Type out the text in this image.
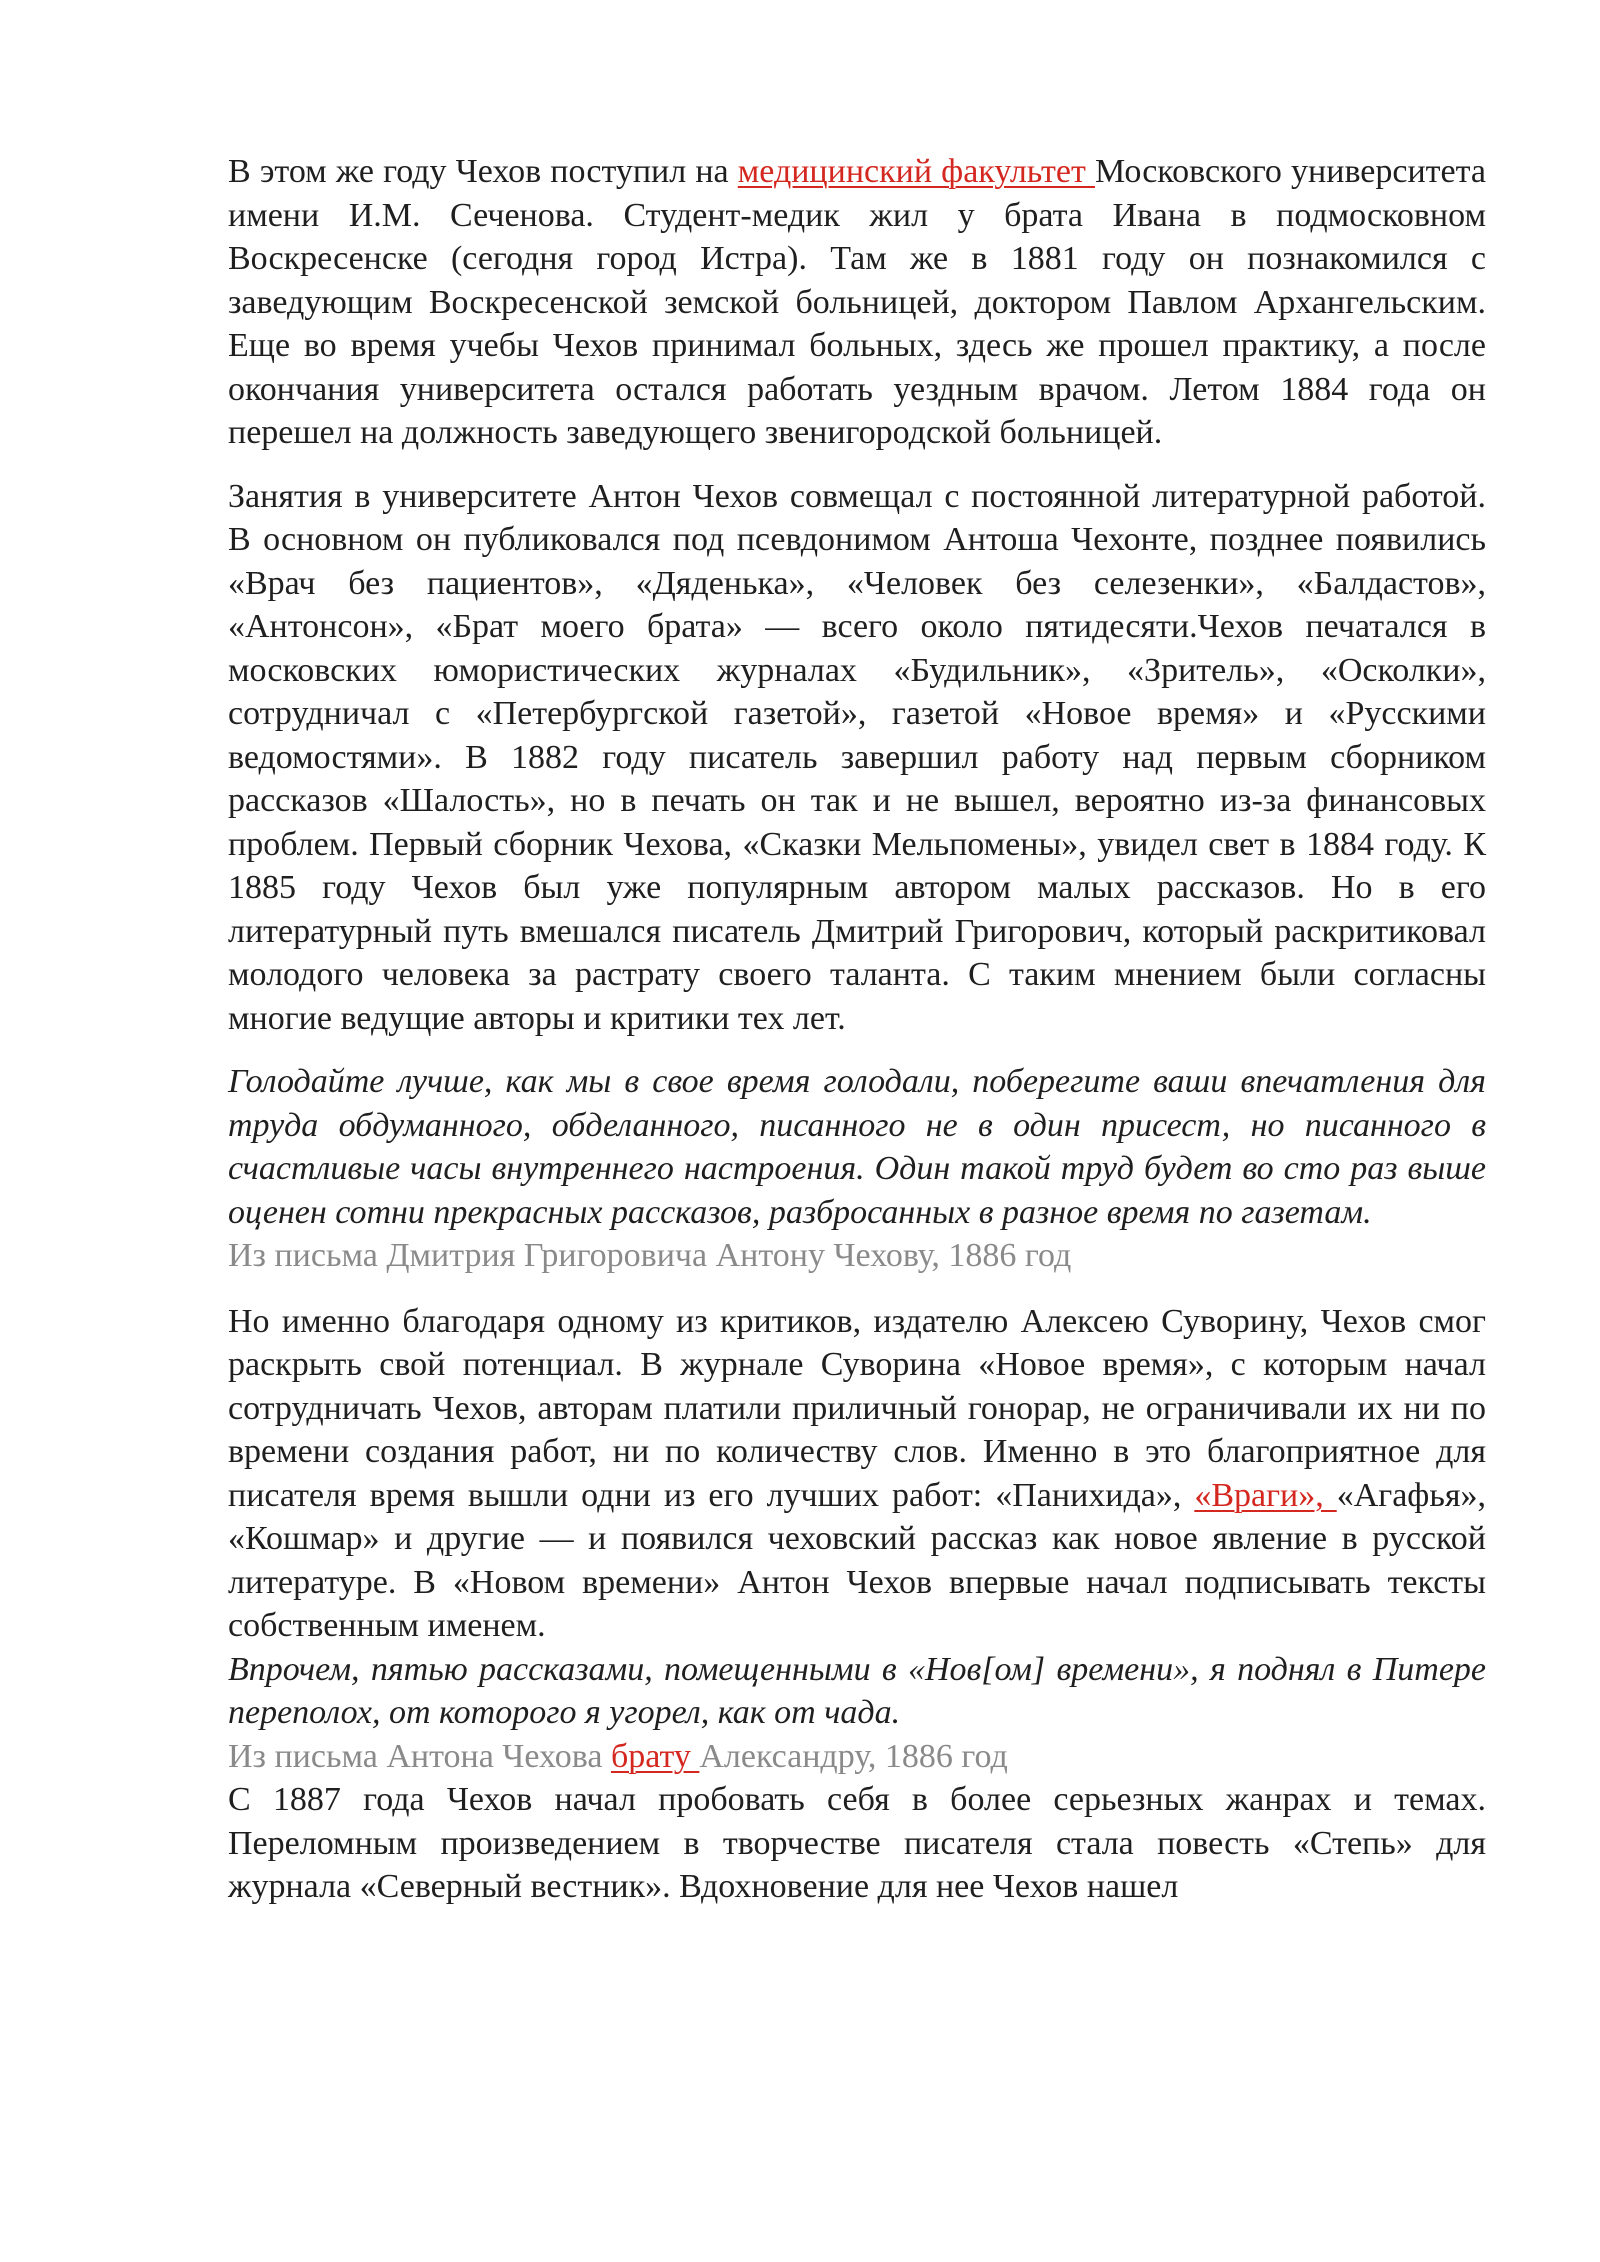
В этом же году Чехов поступил на медицинский факультет Московского университета имени И.М. Сеченова. Студент-медик жил у брата Ивана в подмосковном Воскресенске (сегодня город Истра). Там же в 1881 году он познакомился с заведующим Воскресенской земской больницей, доктором Павлом Архангельским. Еще во время учебы Чехов принимал больных, здесь же прошел практику, а после окончания университета остался работать уездным врачом. Летом 1884 года он перешел на должность заведующего звенигородской больницей.

Занятия в университете Антон Чехов совмещал с постоянной литературной работой. В основном он публиковался под псевдонимом Антоша Чехонте, позднее появились «Врач без пациентов», «Дяденька», «Человек без селезенки», «Балдастов», «Антонсон», «Брат моего брата» — всего около пятидесяти.Чехов печатался в московских юмористических журналах «Будильник», «Зритель», «Осколки», сотрудничал с «Петербургской газетой», газетой «Новое время» и «Русскими ведомостями». В 1882 году писатель завершил работу над первым сборником рассказов «Шалость», но в печать он так и не вышел, вероятно из-за финансовых проблем. Первый сборник Чехова, «Сказки Мельпомены», увидел свет в 1884 году. К 1885 году Чехов был уже популярным автором малых рассказов. Но в его литературный путь вмешался писатель Дмитрий Григорович, который раскритиковал молодого человека за растрату своего таланта. С таким мнением были согласны многие ведущие авторы и критики тех лет.

Голодайте лучше, как мы в свое время голодали, поберегите ваши впечатления для труда обдуманного, обделанного, писанного не в один присест, но писанного в счастливые часы внутреннего настроения. Один такой труд будет во сто раз выше оценен сотни прекрасных рассказов, разбросанных в разное время по газетам.

Из письма Дмитрия Григоровича Антону Чехову, 1886 год

Но именно благодаря одному из критиков, издателю Алексею Суворину, Чехов смог раскрыть свой потенциал. В журнале Суворина «Новое время», с которым начал сотрудничать Чехов, авторам платили приличный гонорар, не ограничивали их ни по времени создания работ, ни по количеству слов. Именно в это благоприятное для писателя время вышли одни из его лучших работ: «Панихида», «Враги», «Агафья», «Кошмар» и другие — и появился чеховский рассказ как новое явление в русской литературе. В «Новом времени» Антон Чехов впервые начал подписывать тексты собственным именем.

Впрочем, пятью рассказами, помещенными в «Нов[ом] времени», я поднял в Питере переполох, от которого я угорел, как от чада.

Из письма Антона Чехова брату Александру, 1886 год

С 1887 года Чехов начал пробовать себя в более серьезных жанрах и темах. Переломным произведением в творчестве писателя стала повесть «Степь» для журнала «Северный вестник». Вдохновение для нее Чехов нашел
